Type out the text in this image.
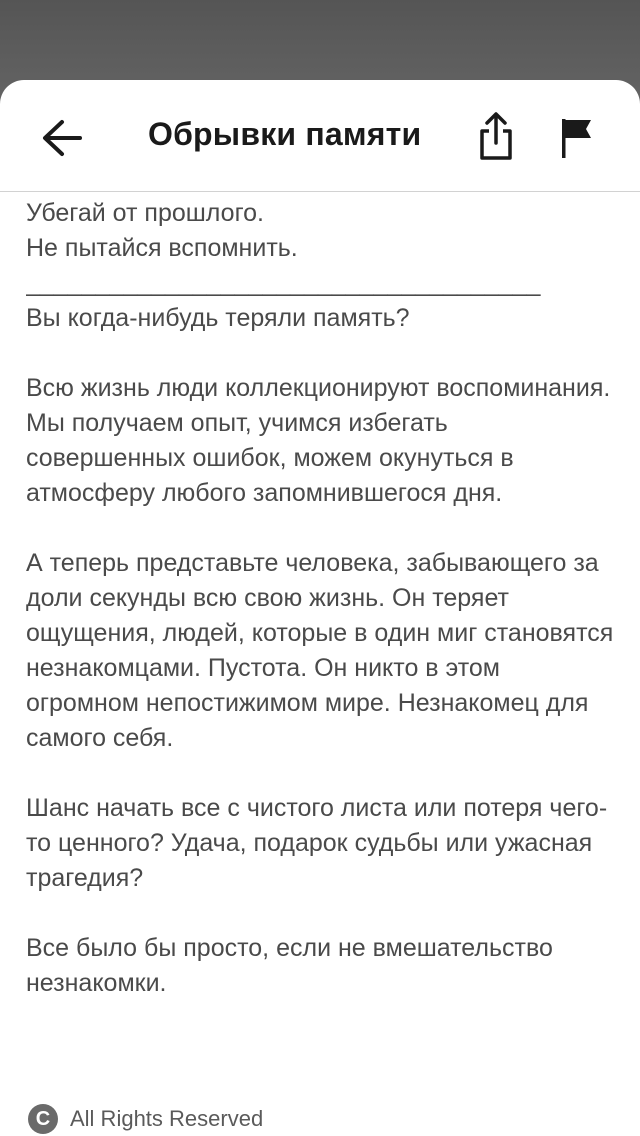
Обрывки памяти

Убегай от прошлого.

Не пытайся вспомнить.

_____________________________________

Вы когда-нибудь теряли память?

Всю жизнь люди коллекционируют воспоминания. Мы получаем опыт, учимся избегать совершенных ошибок, можем окунуться в атмосферу любого запомнившегося дня.

А теперь представьте человека, забывающего за доли секунды всю свою жизнь. Он теряет ощущения, людей, которые в один миг становятся незнакомцами. Пустота. Он никто в этом огромном непостижимом мире. Незнакомец для самого себя.

Шанс начать все с чистого листа или потеря чего-то ценного? Удача, подарок судьбы или ужасная трагедия?

Все было бы просто, если не вмешательство незнакомки.

C All Rights Reserved
